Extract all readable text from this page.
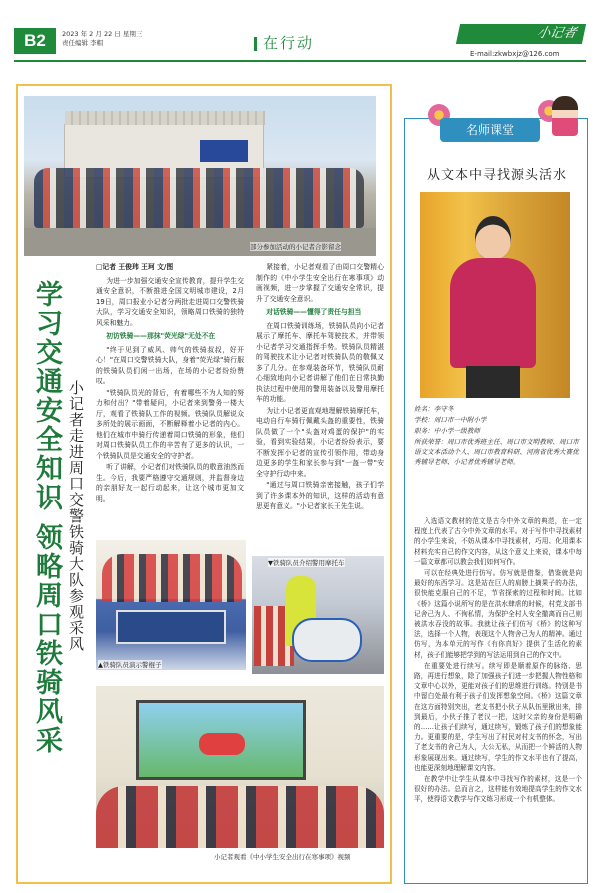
B2	2023 年 2 月 22 日 星期三
责任编辑 李帽	在行动
小记者
E-mail:zkwbxjz@126.com
部分参加活动的小记者合影留念
学习交通安全知识 领略周口铁骑风采 小记者走进周口交警铁骑大队参观采风

□记者 王俊玮 王珂 文/图

为进一步加强交通安全宣传教育，提升学生交通安全意识，不断推进全国文明城市建设，2月19日，周口报业小记者分两批走进周口交警铁骑大队，学习交通安全知识，领略周口铁骑的独特风采和魅力。

初访铁骑——那抹"荧光绿"无处不在

"终于见到了威风、帅气的铁骑叔叔，好开心！"在周口交警铁骑大队，身着"荧光绿"骑行服的铁骑队员们闲一出场，在场的小记者纷纷赞叹。

"铁骑队员光的背后，有着哪些不为人知的努力和付出？"带着疑问，小记者来到警务一楼大厅，观看了铁骑队工作的视频。铁骑队员解说众多所处的展示画面，不断解释着小记者的内心。他们在城市中骑行传递着周口铁骑的形象，他们对周口铁骑队员工作的辛苦有了更多的认识，一个铁骑队员是交通安全的守护者。

听了讲解，小记者们对铁骑队员的敬意油然而生。今后，我要严格遵守交通规则，并监督身边的亲朋好友一起行动起来，让这个城市更加文明。

紧接着，小记者观看了由周口交警精心制作的《中小学生安全出行在寒事项》动画视频，进一步掌握了交通安全常识，提升了交通安全意识。

对话铁骑——懂得了责任与担当

在周口铁骑训练场，铁骑队员向小记者展示了摩托车、摩托车驾驶技术，并带领小记者学习交通指挥手势。铁骑队员精湛的驾驶技术让小记者对铁骑队员的敬佩又多了几分。在参观装备环节，铁骑队员耐心细致地向小记者讲解了他们在日常执勤执法过程中使用的警用装备以及警用摩托车的功能。

为让小记者更直观地理解铁骑摩托车，电动自行车骑行佩戴头盔的重要性，铁骑队员做了一个"头盔对鸡蛋的保护"的实验，看到实验结果，小记者纷纷表示，要不断发挥小记者的宣传引领作用，带动身边更多的学生和家长参与到"一盔一带"安全守护行动中来。

"通过与周口铁骑亲密接触，孩子们学到了许多课本外的知识，这样的活动有意思更有意义。"小记者家长王先生说。

▲铁骑队员演示警棍子
▼铁骑队员介绍警用摩托车
小记者观看《中小学生安全出行在寒事项》视频
名师课堂
从文本中寻找源头活水
姓名：李守冬
学校：周口市一中附小学
职务：中小学一级教师
所获荣誉：周口市优秀班主任、周口市文明教师、周口市语文文本活动个人、周口市教育科研、河南省优秀大赛优秀辅导老师、小记者优秀辅导老师。

入选语文教材的范文是古今中外文章的典范，在一定程度上代表了古今中外文章的水平。对于写作中寻找素材的小学生来说，不妨从课本中寻找素材，巧用、化用课本材料充实自己的作文内容，从这个意义上来说，课本中每一篇文章都可以教会我们如何写作。

可以在经典处进行仿写。仿写就是借鉴，借鉴就是向最好的东西学习。这是站在巨人的肩膀上摘果子的办法，很快能克服自己的不足，节省探索的过程和时间。比如《桥》这篇小说所写的是在洪水肆虐的时候，村党支部书记舍己为人、不徇私情，为保护全村人安全撤离而自己则被洪水吞没的故事。我就让孩子们仿写《桥》的这种写法，选择一个人物，表现这个人物舍己为人的精神。通过仿写，为本单元的写作《有你真好》提供了生活化的素材，孩子们能够把学到的写法运用到自己的作文中。

在重要处进行续写。续写即是顺着原作的脉络、思路，再进行想象，除了加强孩子们进一步把握人物性格和文章中心以外，更能对孩子们的思维进行训练。特别是书中留白处最有利于孩子们发挥想象空间。《桥》这篇文章在这方面特别突出，老支书把小伙子从队伍里揪出来，排到最后，小伙子推了老汉一把，这时父亲的身份是明确的……让孩子们续写，通过续写，锻炼了孩子们的想象能力。更重要的是，学生写出了村民对村支书的怀念，写出了老支书的舍己为人，大公无私，从而把一个鲜活的人物形象展现出来。通过续写，学生的作文水平也有了提高，也能更深刻地理解课文内容。

在教学中让学生从课本中寻找写作的素材，这是一个很好的办法。总而言之，这样能有效地提高学生的作文水平，使得语文教学与作文练习形成一个有机整体。
